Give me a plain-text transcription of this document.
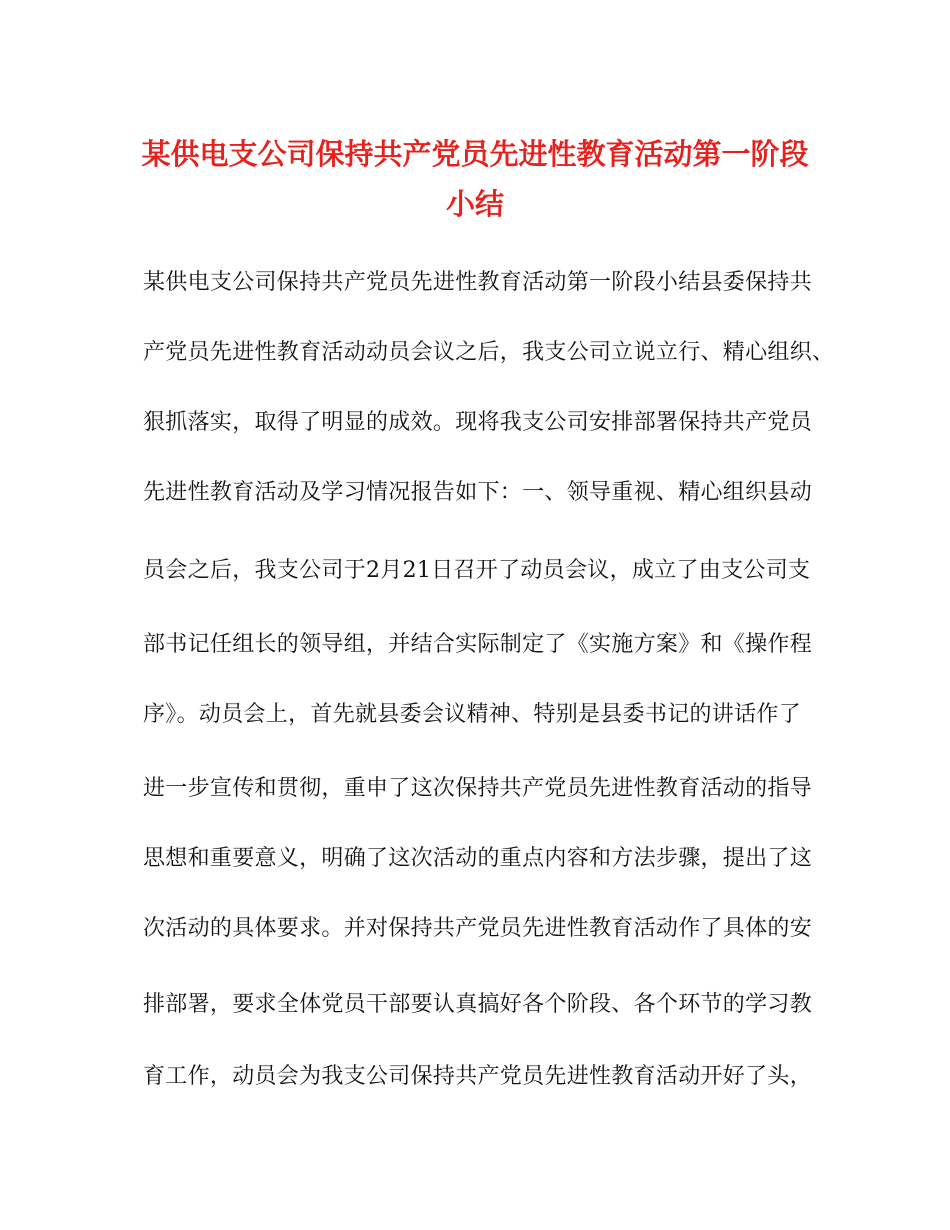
某供电支公司保持共产党员先进性教育活动第一阶段
小结
某供电支公司保持共产党员先进性教育活动第一阶段小结县委保持共
产党员先进性教育活动动员会议之后，我支公司立说立行、精心组织、
狠抓落实，取得了明显的成效。现将我支公司安排部署保持共产党员
先进性教育活动及学习情况报告如下：一、领导重视、精心组织县动
员会之后，我支公司于2月21日召开了动员会议，成立了由支公司支
部书记任组长的领导组，并结合实际制定了《实施方案》和《操作程
序》。动员会上，首先就县委会议精神、特别是县委书记的讲话作了
进一步宣传和贯彻，重申了这次保持共产党员先进性教育活动的指导
思想和重要意义，明确了这次活动的重点内容和方法步骤，提出了这
次活动的具体要求。并对保持共产党员先进性教育活动作了具体的安
排部署，要求全体党员干部要认真搞好各个阶段、各个环节的学习教
育工作，动员会为我支公司保持共产党员先进性教育活动开好了头，
